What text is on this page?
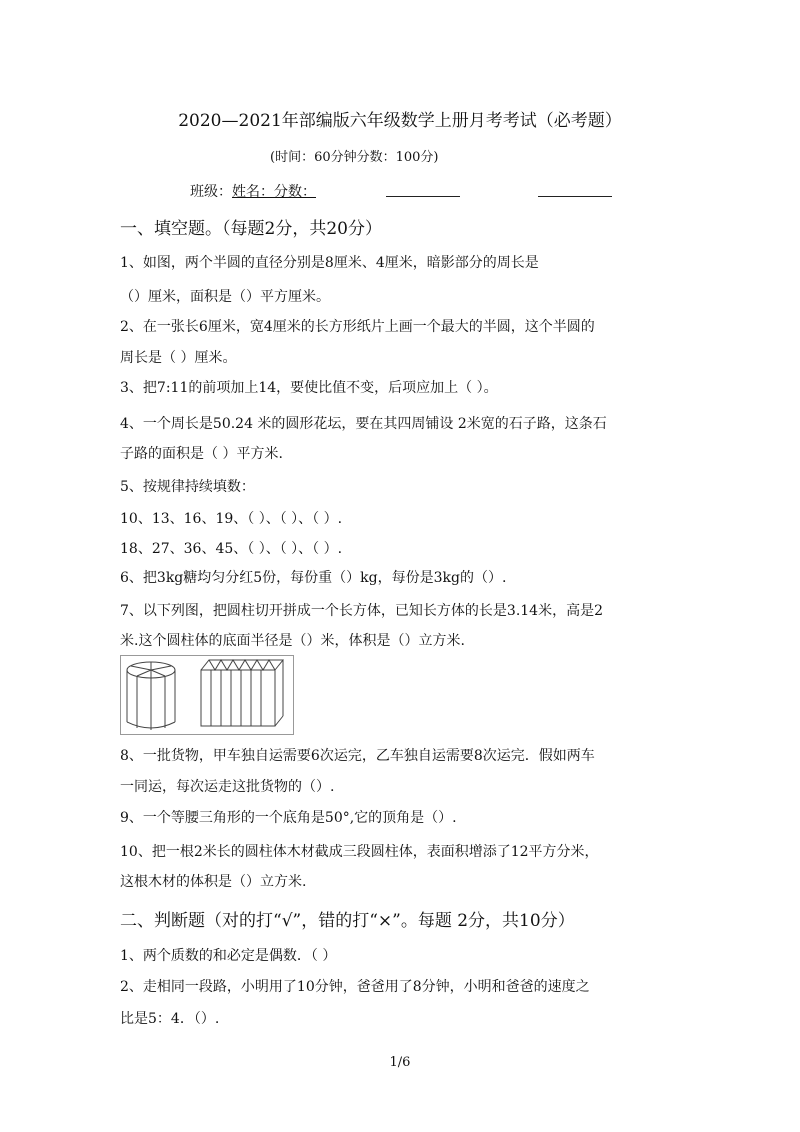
2020—2021年部编版六年级数学上册月考考试（必考题）
(时间：60分钟分数：100分)
班级：姓名：分数：
一、填空题。（每题2分，共20分）
1、如图，两个半圆的直径分别是8厘米、4厘米，暗影部分的周长是
（）厘米，面积是（）平方厘米。
2、在一张长6厘米，宽4厘米的长方形纸片上画一个最大的半圆，这个半圆的
周长是（ ）厘米。
3、把7:11的前项加上14，要使比值不变，后项应加上（ ）。
4、一个周长是50.24 米的圆形花坛，要在其四周铺设 2米宽的石子路，这条石
子路的面积是（ ）平方米.
5、按规律持续填数：
10、13、16、19、（ ）、（ ）、（ ）.
18、27、36、45、（ ）、（ ）、（ ）.
6、把3kg糖均匀分红5份，每份重（）kg，每份是3kg的（）.
7、以下列图，把圆柱切开拼成一个长方体，已知长方体的长是3.14米，高是2
米.这个圆柱体的底面半径是（）米，体积是（）立方米.
8、一批货物，甲车独自运需要6次运完，乙车独自运需要8次运完．假如两车
一同运，每次运走这批货物的（）.
9、一个等腰三角形的一个底角是50°,它的顶角是（）.
10、把一根2米长的圆柱体木材截成三段圆柱体，表面积增添了12平方分米，
这根木材的体积是（）立方米.
二、判断题（对的打“√”，错的打“×”。每题 2分，共10分）
1、两个质数的和必定是偶数．（ ）
2、走相同一段路，小明用了10分钟，爸爸用了8分钟，小明和爸爸的速度之
比是5：4．（）.
1/6
